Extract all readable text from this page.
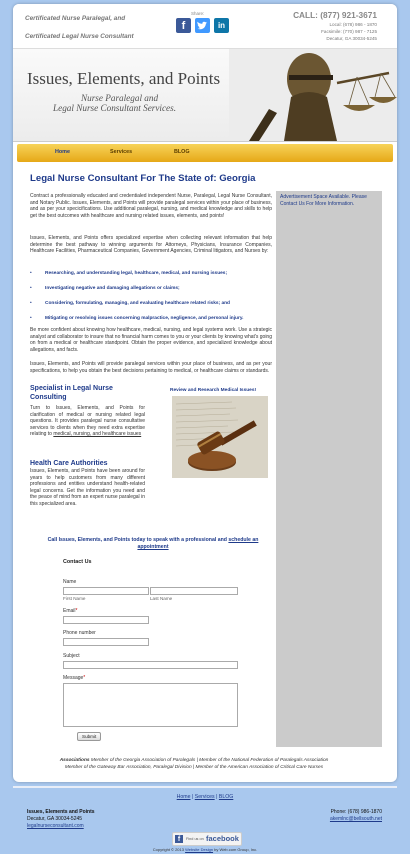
Certificated Nurse Paralegal, and
Certificated Legal Nurse Consultant
Share:
f	in
CALL: (877) 921-3671
Local: (678) 986 - 1870
Facsimile: (770) 987 - 7125
Decatur, GA 30034-5245
Issues, Elements, and Points
Nurse Paralegal and
Legal Nurse Consultant Services.
Home	Services	BLOG
Legal Nurse Consultant For The State of: Georgia
Contract a professionally educated and credentialed independent Nurse, Paralegal, Legal Nurse Consultant, and Notary Public. Issues, Elements, and Points will provide paralegal services within your place of business, and as per your specicifications. Use additional paralegal, nursing, and medical knowledge and skills to help get the best outcomes with healthcare and nursing related issues, elements, and points!
Issues, Elements, and Points offers specialized expertise when collecting relevant information that help determine the best pathway to winning arguments for Attorneys, Physicians, Insurance Companies, Healthcare Facilities, Pharmaceutical Companies, Government Agencies, Criminal litigators, and Nurses by:
Researching, and understanding legal, healthcare, medical, and nursing issues;
Investigating negative and damaging allegations or claims;
Considering, formulating, managing, and evaluating healthcare related risks; and
Mitigating or resolving issues concerning malpractice, negligence, and personal injury.
Be more confident about knowing how healthcare, medical, nursing, and legal systems work. Use a strategic analyst and collaborator to insure that no financial harm comes to you or your clients by knowing what's going on from a medical or healthcare standpoint. Obtain the proper evidence, and specialized knowledge about allegations, and facts.
Issues, Elements, and Points will provide paralegal services within your place of business, and as per your specifications, to help you obtain the best decisions pertaining to medical, or healthcare claims or standards.
Specialist in Legal Nurse Consulting
Turn to Issues, Elements, and Points for clarification of medical or nursing related legal questions. It provides paralegal nurse consultative services to clients when they need extra expertise relating to medical, nursing, and healthcare issues
Health Care Authorities
Issues, Elements, and Points have been around for years to help customers from many different professions and entities understand health-related legal concerns. Get the information you need and the peace of mind from an expert nurse paralegal in this specialized area.
Review and Research Medical Issues!

Advertisement Space Available. Please Contact Us For More Information.

Call Issues, Elements, and Points today to speak with a professional and schedule an appointment
Contact Us
Name
First Name	Last Name
Email*
Phone number
Subject
Message*
Submit
Associations Member of the Georgia Association of Paralegals | Member of the National Federation of Paralegals Association
Member of the Gateway Bar Association, Paralegal Division | Member of the American Association of Critical Care Nurses
Home | Services | BLOG
Issues, Elements and Points
Decatur, GA 30034-5245
legalnurseconsultant.com
Phone: (678) 986-1870
akemlnc@bellsouth.net
f	Find us on facebook
Copyright © 2013 Website Design by Web.com Group, Inc.
